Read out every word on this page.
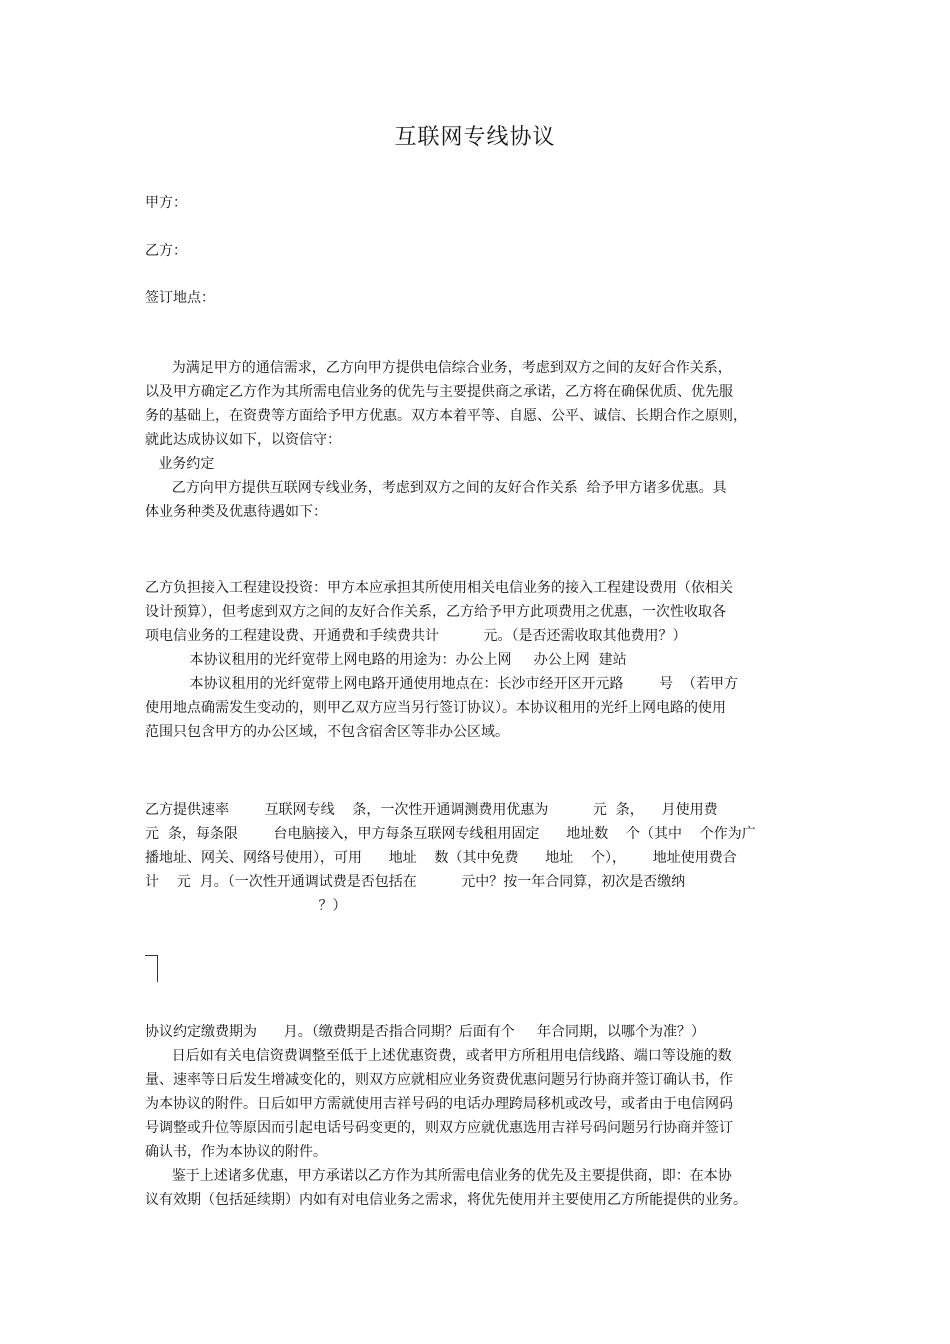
互联网专线协议
甲方：
乙方：
签订地点：
为满足甲方的通信需求，乙方向甲方提供电信综合业务，考虑到双方之间的友好合作关系，
以及甲方确定乙方作为其所需电信业务的优先与主要提供商之承诺，乙方将在确保优质、优先服
务的基础上，在资费等方面给予甲方优惠。双方本着平等、自愿、公平、诚信、长期合作之原则，
就此达成协议如下，以资信守：
业务约定
乙方向甲方提供互联网专线业务，考虑到双方之间的友好合作关系  给予甲方诸多优惠。具
体业务种类及优惠待遇如下：
乙方负担接入工程建设投资：甲方本应承担其所使用相关电信业务的接入工程建设费用（依相关
设计预算），但考虑到双方之间的友好合作关系，乙方给予甲方此项费用之优惠，一次性收取各
项电信业务的工程建设费、开通费和手续费共计          元。（是否还需收取其他费用？）
本协议租用的光纤宽带上网电路的用途为：办公上网     办公上网  建站
本协议租用的光纤宽带上网电路开通使用地点在：长沙市经开区开元路        号  （若甲方
使用地点确需发生变动的，则甲乙双方应当另行签订协议）。本协议租用的光纤上网电路的使用
范围只包含甲方的办公区域，不包含宿舍区等非办公区域。
乙方提供速率        互联网专线    条，一次性开通调测费用优惠为          元  条，    月使用费
元  条，每条限        台电脑接入，甲方每条互联网专线租用固定      地址数    个（其中    个作为广
播地址、网关、网络号使用），可用      地址    数（其中免费      地址    个），      地址使用费合
计    元  月。（一次性开通调试费是否包括在          元中？按一年合同算，初次是否缴纳
？）
协议约定缴费期为      月。（缴费期是否指合同期？后面有个     年合同期，以哪个为准？）
日后如有关电信资费调整至低于上述优惠资费，或者甲方所租用电信线路、端口等设施的数
量、速率等日后发生增减变化的，则双方应就相应业务资费优惠问题另行协商并签订确认书，作
为本协议的附件。日后如甲方需就使用吉祥号码的电话办理跨局移机或改号，或者由于电信网码
号调整或升位等原因而引起电话号码变更的，则双方应就优惠选用吉祥号码问题另行协商并签订
确认书，作为本协议的附件。
鉴于上述诸多优惠，甲方承诺以乙方作为其所需电信业务的优先及主要提供商，即：在本协
议有效期（包括延续期）内如有对电信业务之需求，将优先使用并主要使用乙方所能提供的业务。
